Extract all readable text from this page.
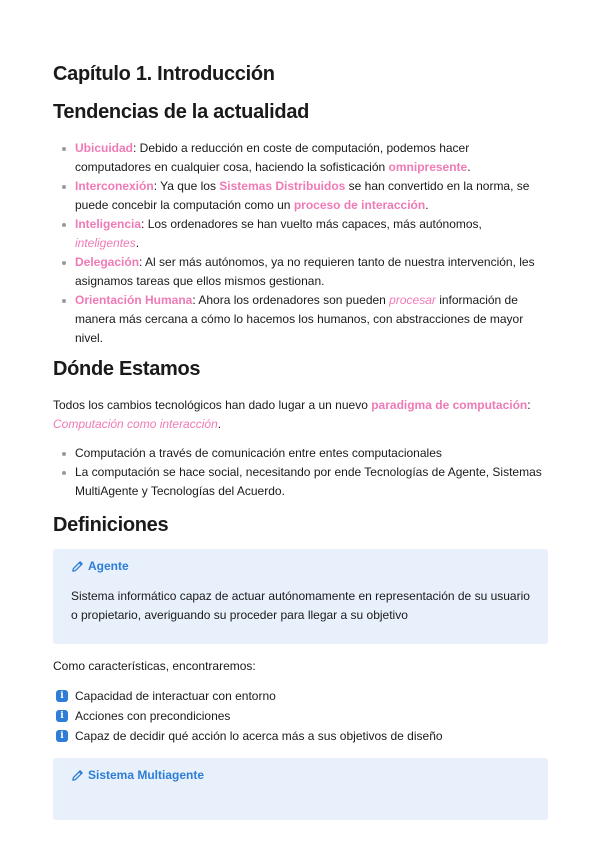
Capítulo 1. Introducción
Tendencias de la actualidad
Ubicuidad: Debido a reducción en coste de computación, podemos hacer computadores en cualquier cosa, haciendo la sofisticación omnipresente.
Interconexión: Ya que los Sistemas Distribuidos se han convertido en la norma, se puede concebir la computación como un proceso de interacción.
Inteligencia: Los ordenadores se han vuelto más capaces, más autónomos, inteligentes.
Delegación: Al ser más autónomos, ya no requieren tanto de nuestra intervención, les asignamos tareas que ellos mismos gestionan.
Orientación Humana: Ahora los ordenadores son pueden procesar información de manera más cercana a cómo lo hacemos los humanos, con abstracciones de mayor nivel.
Dónde Estamos

Todos los cambios tecnológicos han dado lugar a un nuevo paradigma de computación:
Computación como interacción.

Computación a través de comunicación entre entes computacionales
La computación se hace social, necesitando por ende Tecnologías de Agente, Sistemas MultiAgente y Tecnologías del Acuerdo.
Definiciones
Agente
Sistema informático capaz de actuar autónomamente en representación de su usuario o propietario, averiguando su proceder para llegar a su objetivo

Como características, encontraremos:

i Capacidad de interactuar con entorno
i Acciones con precondiciones
i Capaz de decidir qué acción lo acerca más a sus objetivos de diseño
Sistema Multiagente
